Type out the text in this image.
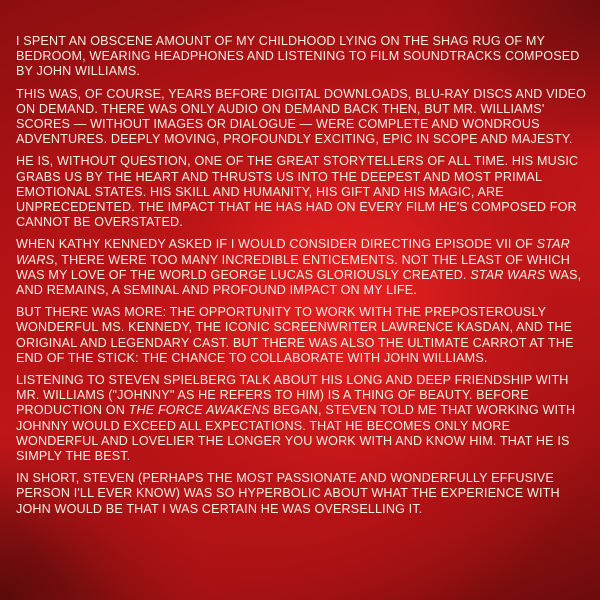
I SPENT AN OBSCENE AMOUNT OF MY CHILDHOOD LYING ON THE SHAG RUG OF MY BEDROOM, WEARING HEADPHONES AND LISTENING TO FILM SOUNDTRACKS COMPOSED BY JOHN WILLIAMS.

THIS WAS, OF COURSE, YEARS BEFORE DIGITAL DOWNLOADS, BLU-RAY DISCS AND VIDEO ON DEMAND. THERE WAS ONLY AUDIO ON DEMAND BACK THEN, BUT MR. WILLIAMS' SCORES — WITHOUT IMAGES OR DIALOGUE — WERE COMPLETE AND WONDROUS ADVENTURES. DEEPLY MOVING, PROFOUNDLY EXCITING, EPIC IN SCOPE AND MAJESTY.

HE IS, WITHOUT QUESTION, ONE OF THE GREAT STORYTELLERS OF ALL TIME. HIS MUSIC GRABS US BY THE HEART AND THRUSTS US INTO THE DEEPEST AND MOST PRIMAL EMOTIONAL STATES. HIS SKILL AND HUMANITY, HIS GIFT AND HIS MAGIC, ARE UNPRECEDENTED. THE IMPACT THAT HE HAS HAD ON EVERY FILM HE'S COMPOSED FOR CANNOT BE OVERSTATED.

WHEN KATHY KENNEDY ASKED IF I WOULD CONSIDER DIRECTING EPISODE VII OF STAR WARS, THERE WERE TOO MANY INCREDIBLE ENTICEMENTS. NOT THE LEAST OF WHICH WAS MY LOVE OF THE WORLD GEORGE LUCAS GLORIOUSLY CREATED. STAR WARS WAS, AND REMAINS, A SEMINAL AND PROFOUND IMPACT ON MY LIFE.

BUT THERE WAS MORE: THE OPPORTUNITY TO WORK WITH THE PREPOSTEROUSLY WONDERFUL MS. KENNEDY, THE ICONIC SCREENWRITER LAWRENCE KASDAN, AND THE ORIGINAL AND LEGENDARY CAST. BUT THERE WAS ALSO THE ULTIMATE CARROT AT THE END OF THE STICK: THE CHANCE TO COLLABORATE WITH JOHN WILLIAMS.

LISTENING TO STEVEN SPIELBERG TALK ABOUT HIS LONG AND DEEP FRIENDSHIP WITH MR. WILLIAMS ("JOHNNY" AS HE REFERS TO HIM) IS A THING OF BEAUTY. BEFORE PRODUCTION ON THE FORCE AWAKENS BEGAN, STEVEN TOLD ME THAT WORKING WITH JOHNNY WOULD EXCEED ALL EXPECTATIONS. THAT HE BECOMES ONLY MORE WONDERFUL AND LOVELIER THE LONGER YOU WORK WITH AND KNOW HIM. THAT HE IS SIMPLY THE BEST.

IN SHORT, STEVEN (PERHAPS THE MOST PASSIONATE AND WONDERFULLY EFFUSIVE PERSON I'LL EVER KNOW) WAS SO HYPERBOLIC ABOUT WHAT THE EXPERIENCE WITH JOHN WOULD BE THAT I WAS CERTAIN HE WAS OVERSELLING IT.
